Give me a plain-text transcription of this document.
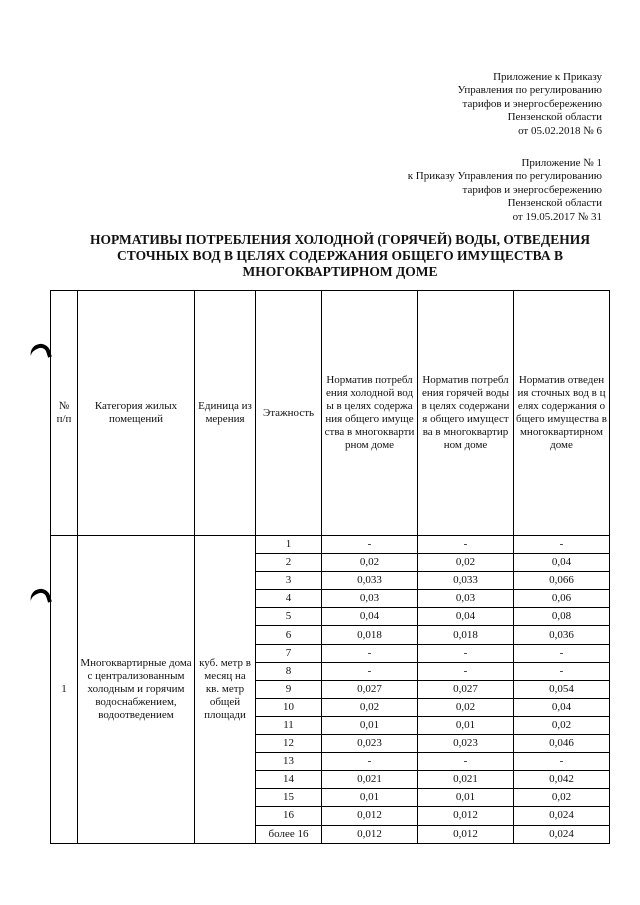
Приложение к Приказу
Управления по регулированию
тарифов и энергосбережению
Пензенской области
от 05.02.2018 № 6
Приложение № 1
к Приказу Управления по регулированию
тарифов и энергосбережению
Пензенской области
от 19.05.2017 № 31
НОРМАТИВЫ ПОТРЕБЛЕНИЯ ХОЛОДНОЙ (ГОРЯЧЕЙ) ВОДЫ, ОТВЕДЕНИЯ
СТОЧНЫХ ВОД В ЦЕЛЯХ СОДЕРЖАНИЯ ОБЩЕГО ИМУЩЕСТВА В
МНОГОКВАРТИРНОМ ДОМЕ
№ п/п	Категория жилых помещений	Единица измерения	Этажность	Норматив потребления холодной воды в целях содержания общего имущества в многоквартирном доме	Норматив потребления горячей воды в целях содержания общего имущества в многоквартирном доме	Норматив отведения сточных вод в целях содержания общего имущества в многоквартирном доме
1	Многоквартирные дома с централизованным холодным и горячим водоснабжением, водоотведением	куб. метр в месяц на кв. метр общей площади	1	-	-	-
			2	0,02	0,02	0,04
			3	0,033	0,033	0,066
			4	0,03	0,03	0,06
			5	0,04	0,04	0,08
			6	0,018	0,018	0,036
			7	-	-	-
			8	-	-	-
			9	0,027	0,027	0,054
			10	0,02	0,02	0,04
			11	0,01	0,01	0,02
			12	0,023	0,023	0,046
			13	-	-	-
			14	0,021	0,021	0,042
			15	0,01	0,01	0,02
			16	0,012	0,012	0,024
			более 16	0,012	0,012	0,024
